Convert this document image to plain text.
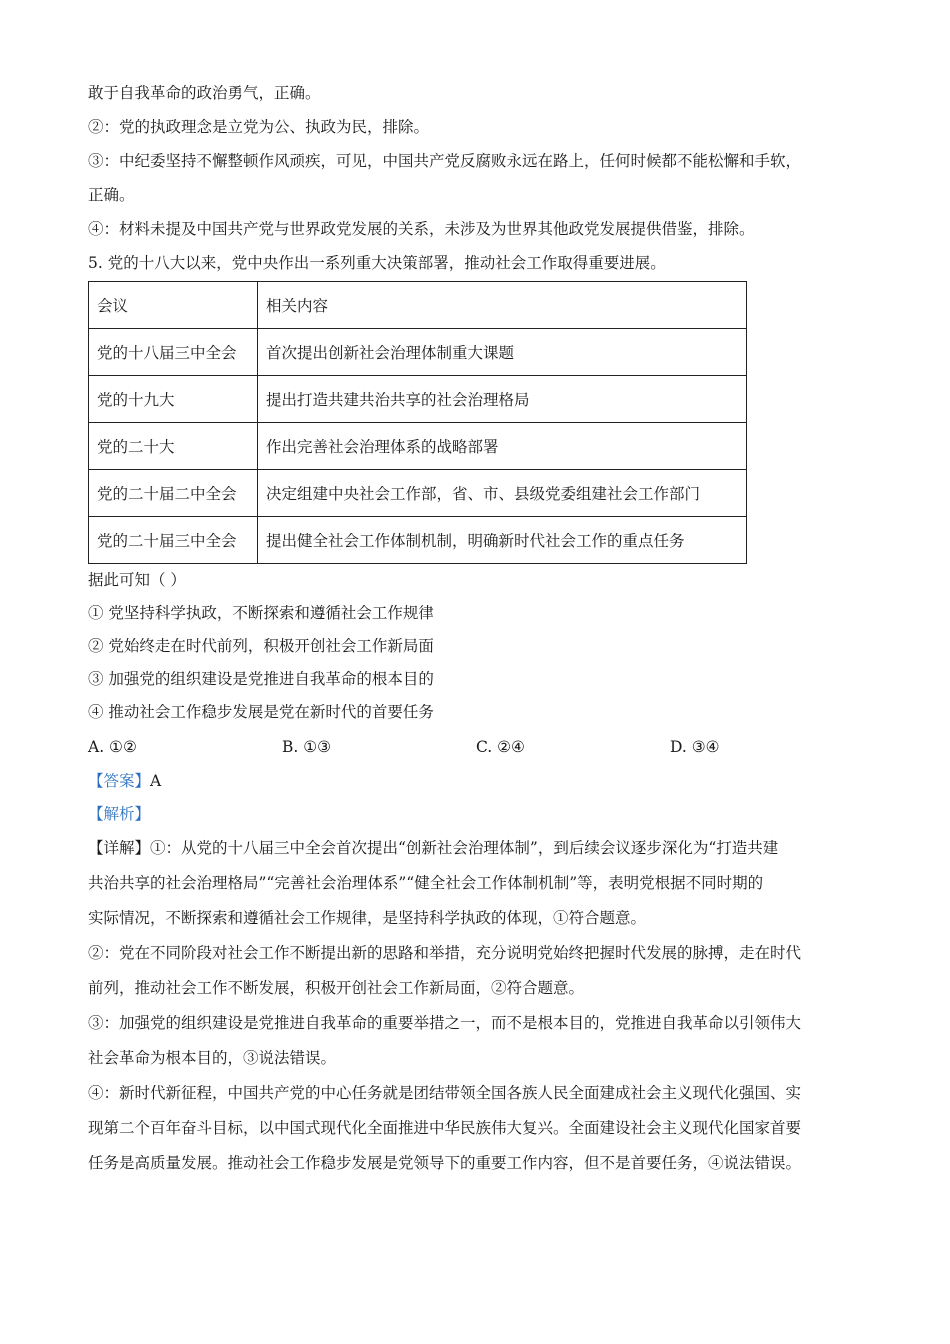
敢于自我革命的政治勇气，正确。

②：党的执政理念是立党为公、执政为民，排除。

③：中纪委坚持不懈整顿作风顽疾，可见，中国共产党反腐败永远在路上，任何时候都不能松懈和手软，

正确。

④：材料未提及中国共产党与世界政党发展的关系，未涉及为世界其他政党发展提供借鉴，排除。

5. 党的十八大以来，党中央作出一系列重大决策部署，推动社会工作取得重要进展。

会议	相关内容
党的十八届三中全会	首次提出创新社会治理体制重大课题
党的十九大	提出打造共建共治共享的社会治理格局
党的二十大	作出完善社会治理体系的战略部署
党的二十届二中全会	决定组建中央社会工作部，省、市、县级党委组建社会工作部门
党的二十届三中全会	提出健全社会工作体制机制，明确新时代社会工作的重点任务

据此可知（ ）

① 党坚持科学执政，不断探索和遵循社会工作规律

② 党始终走在时代前列，积极开创社会工作新局面

③ 加强党的组织建设是党推进自我革命的根本目的

④ 推动社会工作稳步发展是党在新时代的首要任务

A. ①②	B. ①③	C. ②④	D. ③④

【答案】A

【解析】

【详解】①：从党的十八届三中全会首次提出“创新社会治理体制”，到后续会议逐步深化为“打造共建

共治共享的社会治理格局”“完善社会治理体系”“健全社会工作体制机制”等，表明党根据不同时期的

实际情况，不断探索和遵循社会工作规律，是坚持科学执政的体现，①符合题意。

②：党在不同阶段对社会工作不断提出新的思路和举措，充分说明党始终把握时代发展的脉搏，走在时代

前列，推动社会工作不断发展，积极开创社会工作新局面，②符合题意。

③：加强党的组织建设是党推进自我革命的重要举措之一，而不是根本目的，党推进自我革命以引领伟大

社会革命为根本目的，③说法错误。

④：新时代新征程，中国共产党的中心任务就是团结带领全国各族人民全面建成社会主义现代化强国、实

现第二个百年奋斗目标，以中国式现代化全面推进中华民族伟大复兴。全面建设社会主义现代化国家首要

任务是高质量发展。推动社会工作稳步发展是党领导下的重要工作内容，但不是首要任务，④说法错误。
